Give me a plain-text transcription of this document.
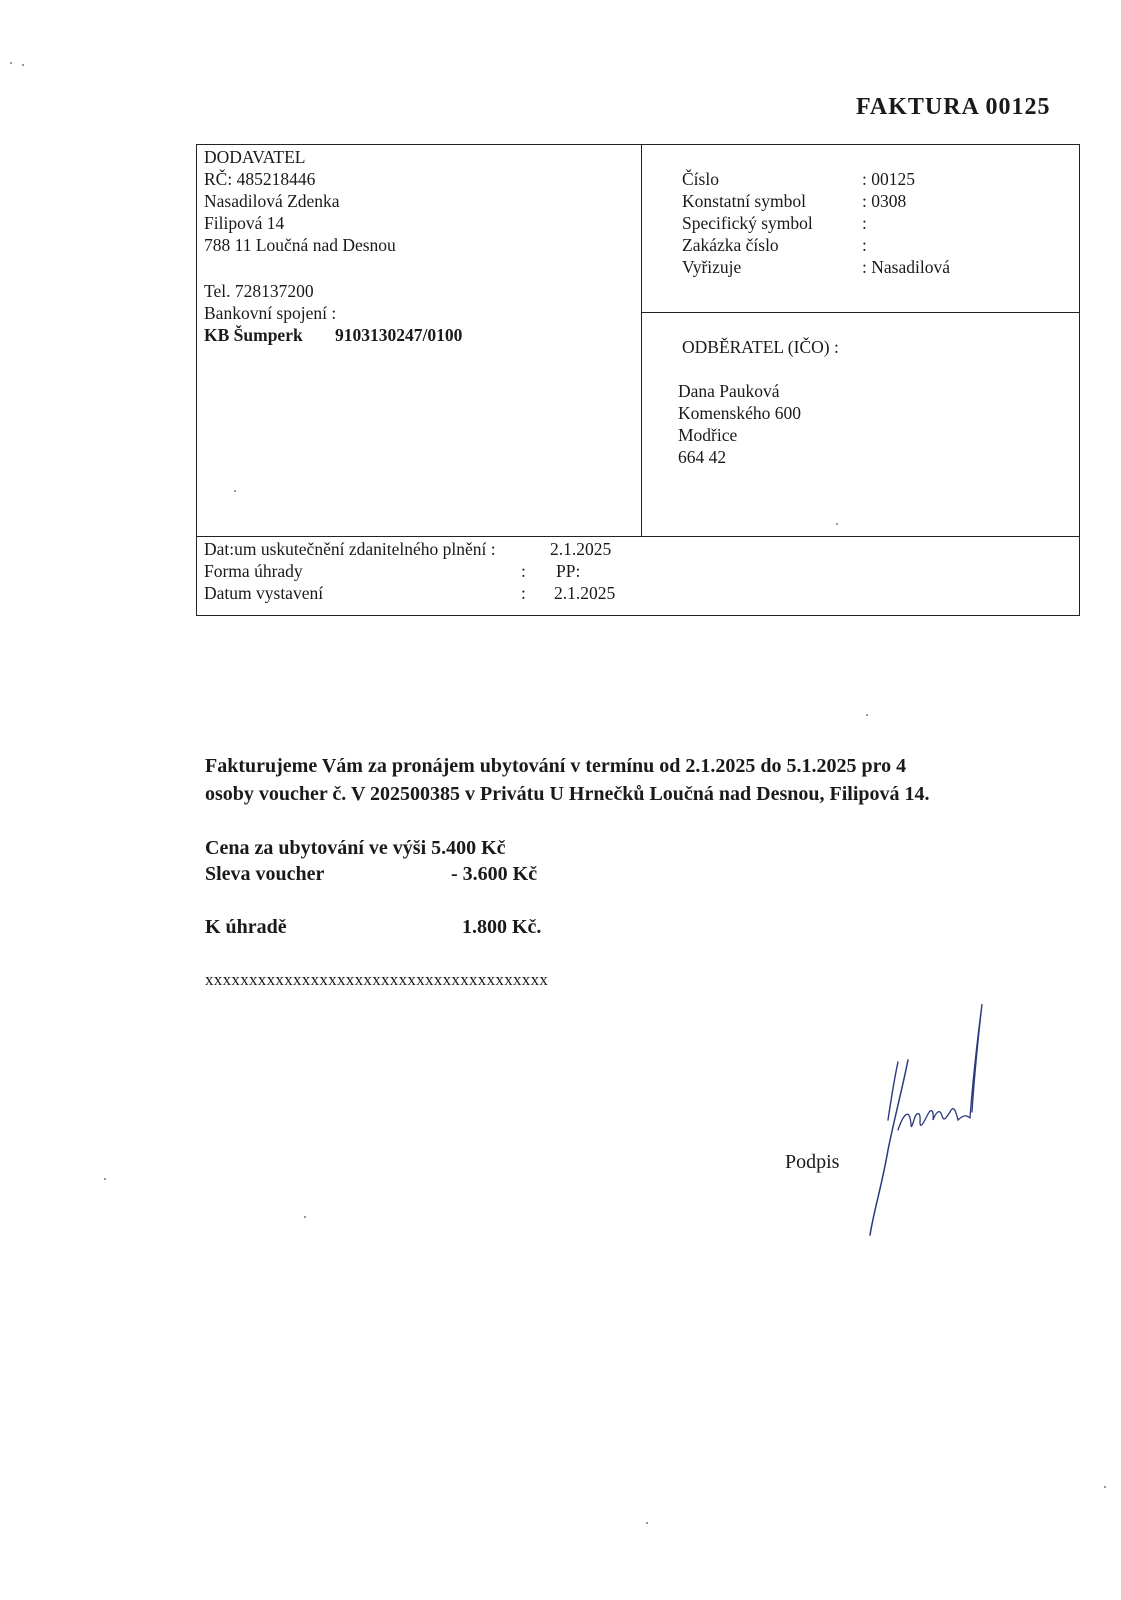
FAKTURA 00125
DODAVATEL
RČ: 485218446
Nasadilová Zdenka
Filipová 14
788 11 Loučná nad Desnou
Tel. 728137200
Bankovní spojení :
KB Šumperk 9103130247/0100
Číslo	: 00125
Konstatní symbol	: 0308
Specifický symbol	:
Zakázka číslo	:
Vyřizuje	: Nasadilová
ODBĚRATEL (IČO) :
Dana Pauková
Komenského 600
Modřice
664 42
Dat:um uskutečnění zdanitelného plnění :	2.1.2025
Forma úhrady	: PP:
Datum vystavení	: 2.1.2025
Fakturujeme Vám za pronájem ubytování v termínu od 2.1.2025 do 5.1.2025 pro 4
osoby voucher č. V 202500385 v Privátu U Hrnečků Loučná nad Desnou, Filipová 14.
Cena za ubytování ve výši 5.400 Kč
Sleva voucher	- 3.600 Kč
K úhradě	1.800 Kč.
xxxxxxxxxxxxxxxxxxxxxxxxxxxxxxxxxxxxxxx
Podpis
